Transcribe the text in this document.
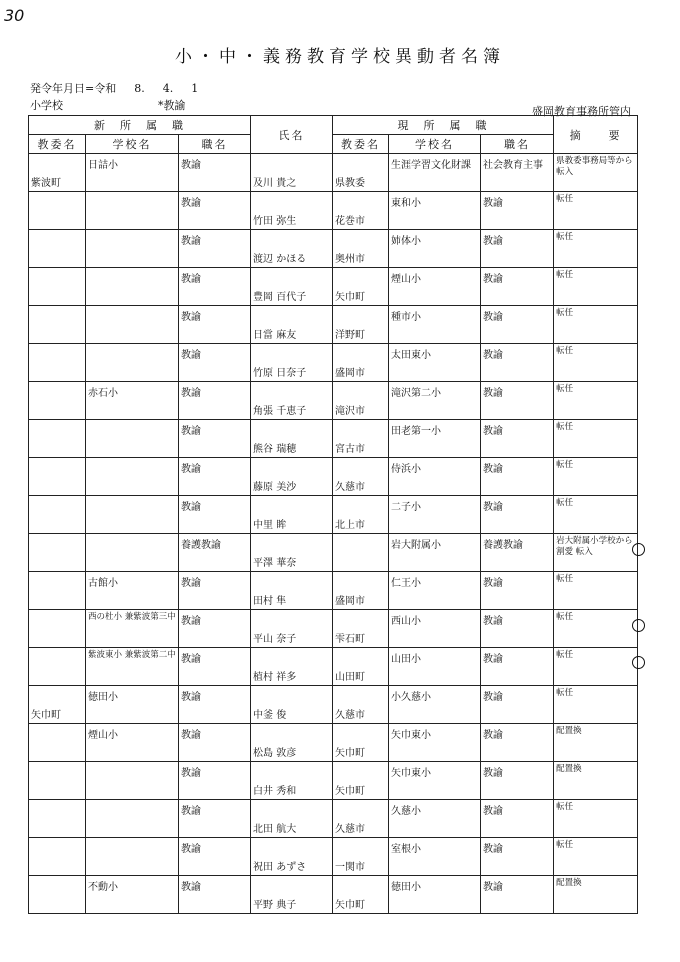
30
小・中・義務教育学校異動者名簿
発令年月日=令和 8. 4. 1
小学校	*教諭	盛岡教育事務所管内
新　所　属　職			氏名	現　所　属　職			摘　　要
教委名	学校名	職名		教委名	学校名	職名	

紫波町	日詰小	教諭	及川 貴之	県教委	生涯学習文化財課	社会教育主事	県教委事務局等から転入

		教諭	竹田 弥生	花巻市	東和小	教諭	転任

		教諭	渡辺 かほる	奥州市	姉体小	教諭	転任

		教諭	豊岡 百代子	矢巾町	煙山小	教諭	転任

		教諭	日當 麻友	洋野町	種市小	教諭	転任

		教諭	竹原 日奈子	盛岡市	太田東小	教諭	転任

	赤石小	教諭	角張 千恵子	滝沢市	滝沢第二小	教諭	転任

		教諭	熊谷 瑞穂	宮古市	田老第一小	教諭	転任

		教諭	藤原 美沙	久慈市	侍浜小	教諭	転任

		教諭	中里 眸	北上市	二子小	教諭	転任

		養護教諭	平澤 華奈		岩大附属小	養護教諭	岩大附属小学校から割愛 転入

	古館小	教諭	田村 隼	盛岡市	仁王小	教諭	転任

	西の杜小 兼紫波第三中	教諭	平山 奈子	雫石町	西山小	教諭	転任

	紫波東小 兼紫波第二中	教諭	植村 祥多	山田町	山田小	教諭	転任

矢巾町	徳田小	教諭	中釜 俊	久慈市	小久慈小	教諭	転任

	煙山小	教諭	松島 敦彦	矢巾町	矢巾東小	教諭	配置換

		教諭	白井 秀和	矢巾町	矢巾東小	教諭	配置換

		教諭	北田 航大	久慈市	久慈小	教諭	転任

		教諭	祝田 あずさ	一関市	室根小	教諭	転任

	不動小	教諭	平野 典子	矢巾町	徳田小	教諭	配置換
